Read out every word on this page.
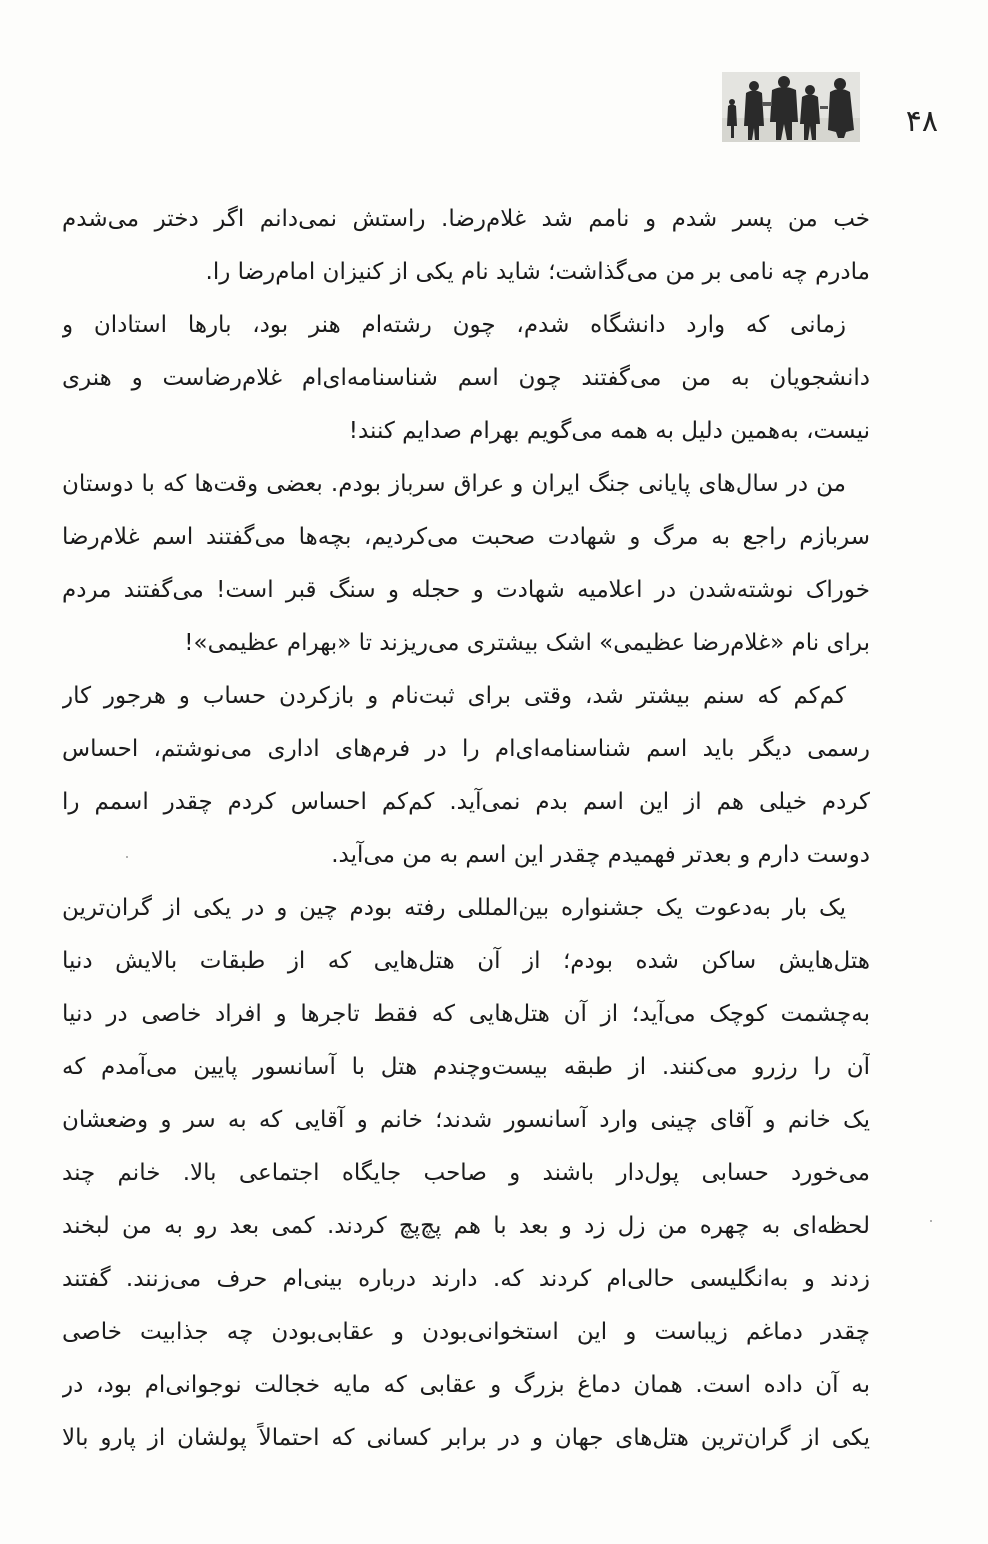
۴۸
خب من پسر شدم و نامم شد غلام‌رضا. راستش نمی‌دانم اگر دختر می‌شدم
مادرم چه نامی بر من می‌گذاشت؛ شاید نام یکی از کنیزان امام‌رضا را.
زمانی که وارد دانشگاه شدم، چون رشته‌ام هنر بود، بارها استادان و
دانشجویان به من می‌گفتند چون اسم شناسنامه‌ای‌ام غلام‌رضاست و هنری
نیست، به‌همین دلیل به همه می‌گویم بهرام صدایم کنند!
من در سال‌های پایانی جنگ ایران و عراق سرباز بودم. بعضی وقت‌ها که با دوستان
سربازم راجع به مرگ و شهادت صحبت می‌کردیم، بچه‌ها می‌گفتند اسم غلام‌رضا
خوراک نوشته‌شدن در اعلامیه شهادت و حجله و سنگ قبر است! می‌گفتند مردم
برای نام «غلام‌رضا عظیمی» اشک بیشتری می‌ریزند تا «بهرام عظیمی»!
کم‌کم که سنم بیشتر شد، وقتی برای ثبت‌نام و بازکردن حساب و هرجور کار
رسمی دیگر باید اسم شناسنامه‌ای‌ام را در فرم‌های اداری می‌نوشتم، احساس
کردم خیلی هم از این اسم بدم نمی‌آید. کم‌کم احساس کردم چقدر اسمم را
دوست دارم و بعدتر فهمیدم چقدر این اسم به من می‌آید.
یک بار به‌دعوت یک جشنواره بین‌المللی رفته بودم چین و در یکی از گران‌ترین
هتل‌هایش ساکن شده بودم؛ از آن هتل‌هایی که از طبقات بالایش دنیا
به‌چشمت کوچک می‌آید؛ از آن هتل‌هایی که فقط تاجرها و افراد خاصی در دنیا
آن را رزرو می‌کنند. از طبقه بیست‌وچندم هتل با آسانسور پایین می‌آمدم که
یک خانم و آقای چینی وارد آسانسور شدند؛ خانم و آقایی که به سر و وضعشان
می‌خورد حسابی پول‌دار باشند و صاحب جایگاه اجتماعی بالا. خانم چند
لحظه‌ای به چهره من زل زد و بعد با هم پچ‌پچ کردند. کمی بعد رو به من لبخند
زدند و به‌انگلیسی حالی‌ام کردند که. دارند درباره بینی‌ام حرف می‌زنند. گفتند
چقدر دماغم زیباست و این استخوانی‌بودن و عقابی‌بودن چه جذابیت خاصی
به آن داده است. همان دماغ بزرگ و عقابی که مایه خجالت نوجوانی‌ام بود، در
یکی از گران‌ترین هتل‌های جهان و در برابر کسانی که احتمالاً پولشان از پارو بالا
